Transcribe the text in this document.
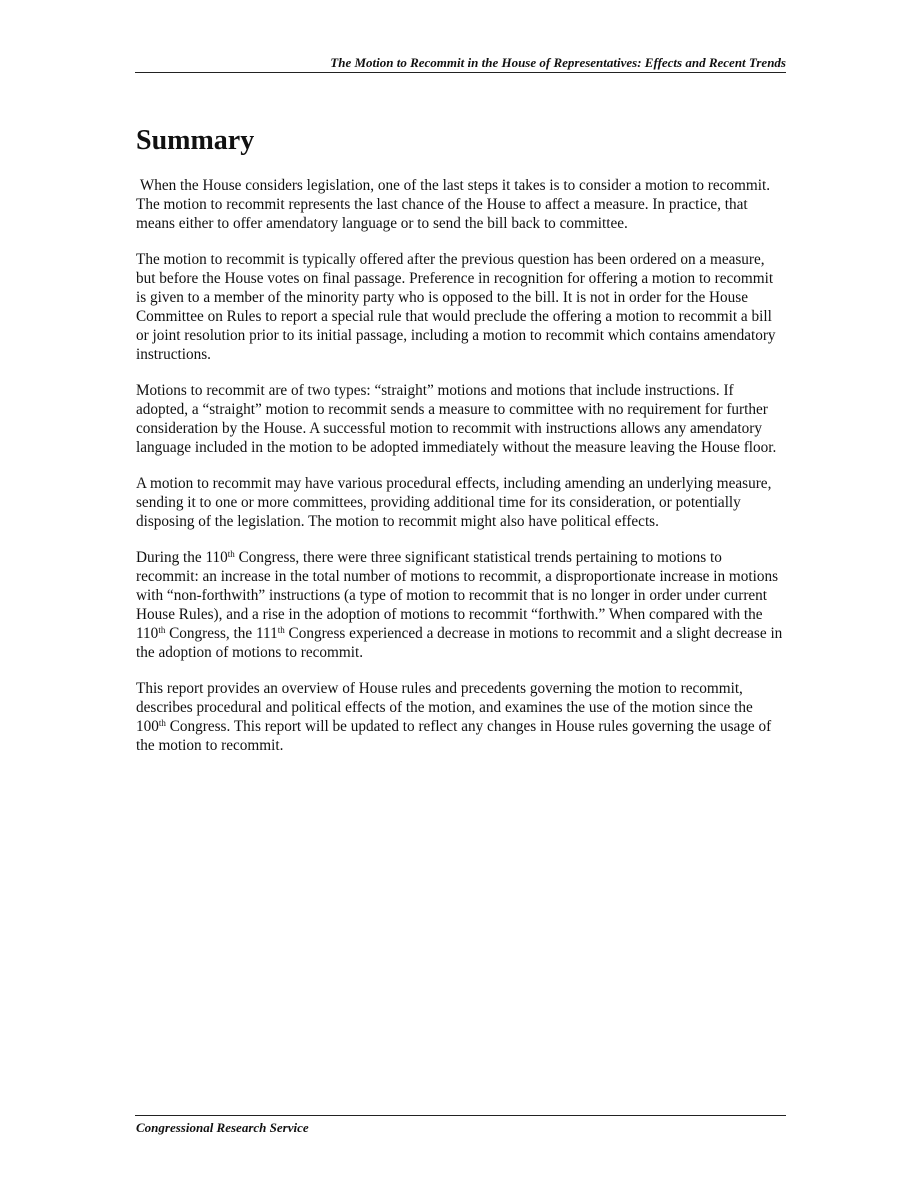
The Motion to Recommit in the House of Representatives: Effects and Recent Trends
Summary

When the House considers legislation, one of the last steps it takes is to consider a motion to recommit. The motion to recommit represents the last chance of the House to affect a measure. In practice, that means either to offer amendatory language or to send the bill back to committee.

The motion to recommit is typically offered after the previous question has been ordered on a measure, but before the House votes on final passage. Preference in recognition for offering a motion to recommit is given to a member of the minority party who is opposed to the bill. It is not in order for the House Committee on Rules to report a special rule that would preclude the offering a motion to recommit a bill or joint resolution prior to its initial passage, including a motion to recommit which contains amendatory instructions.

Motions to recommit are of two types: “straight” motions and motions that include instructions. If adopted, a “straight” motion to recommit sends a measure to committee with no requirement for further consideration by the House. A successful motion to recommit with instructions allows any amendatory language included in the motion to be adopted immediately without the measure leaving the House floor.

A motion to recommit may have various procedural effects, including amending an underlying measure, sending it to one or more committees, providing additional time for its consideration, or potentially disposing of the legislation. The motion to recommit might also have political effects.

During the 110th Congress, there were three significant statistical trends pertaining to motions to recommit: an increase in the total number of motions to recommit, a disproportionate increase in motions with “non-forthwith” instructions (a type of motion to recommit that is no longer in order under current House Rules), and a rise in the adoption of motions to recommit “forthwith.” When compared with the 110th Congress, the 111th Congress experienced a decrease in motions to recommit and a slight decrease in the adoption of motions to recommit.

This report provides an overview of House rules and precedents governing the motion to recommit, describes procedural and political effects of the motion, and examines the use of the motion since the 100th Congress. This report will be updated to reflect any changes in House rules governing the usage of the motion to recommit.

Congressional Research Service
